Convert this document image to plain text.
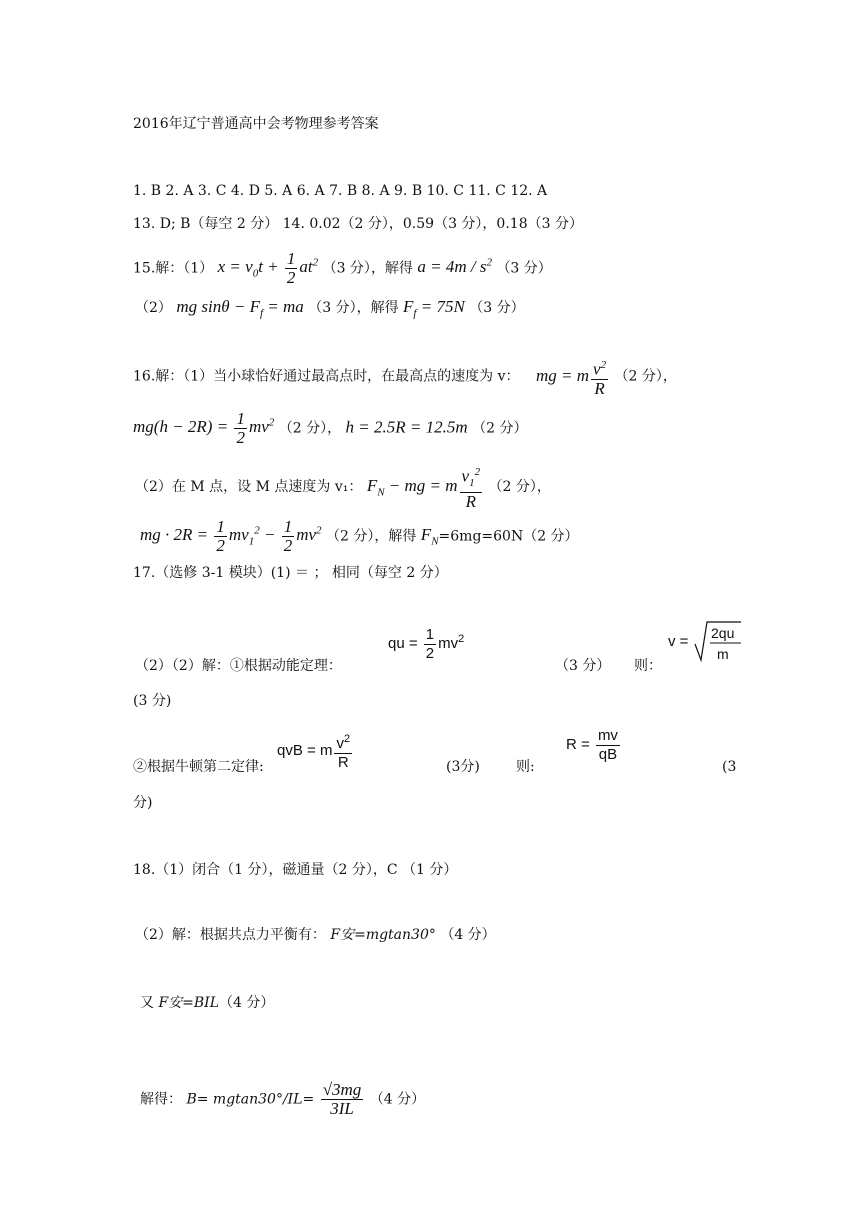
2016年辽宁普通高中会考物理参考答案
1. B 2. A 3. C 4. D 5. A 6. A 7. B 8. A 9. B 10. C 11. C 12. A
13. D; B（每空 2 分） 14. 0.02（2 分），0.59（3 分），0.18（3 分）
15.解：（1） $x = v_0t + \frac{1}{2} at^2$ （3 分），解得 $a = 4m / s^2$ （3 分）
（2） mg $\sin\theta - F_f$ = ma （3 分），解得 $F_f = 75N$ （3 分）
16.解：（1）当小球恰好通过最高点时，在最高点的速度为 v： mg = m $\frac{v^2}{R} (2$ 分），
$mg(h - 2R) = \frac{1}{2} mv^2$ （2 分）， h = 2.5R = 12.5m （2 分）
（2）在 M 点，设 M 点速度为 v₁： $F_N$ − mg = m $\frac{v_1^2}{R} (2$ 分），
mg · $2R = \frac{1}{2} mv_1^2 - \frac{1}{2} mv^2$ （2 分），解得 $F_N=6mg=60N(2$ 分）
17.（选修 3-1 模块）(1) ＝ ； 相同（每空 2 分）
（2）（2）解：①根据动能定理：
qu = $\frac{1}{2} mv^2$
（3 分） 则：
v = 2qu
m
(3 分)
②根据牛顿第二定律:
qvB = m $\frac{v^2}{R}$	(3分)	则:
$R = \frac{mv}{qB}$
(3
分)
18.（1）闭合（1 分），磁通量（2 分），C （1 分）
（2）解：根据共点力平衡有： F安=mgtan30° （4 分）
又 F安=BIL（4 分）
解得： $B= mgtan30^\circ/IL= \frac{√3mg}{3IL} (4$ 分）
